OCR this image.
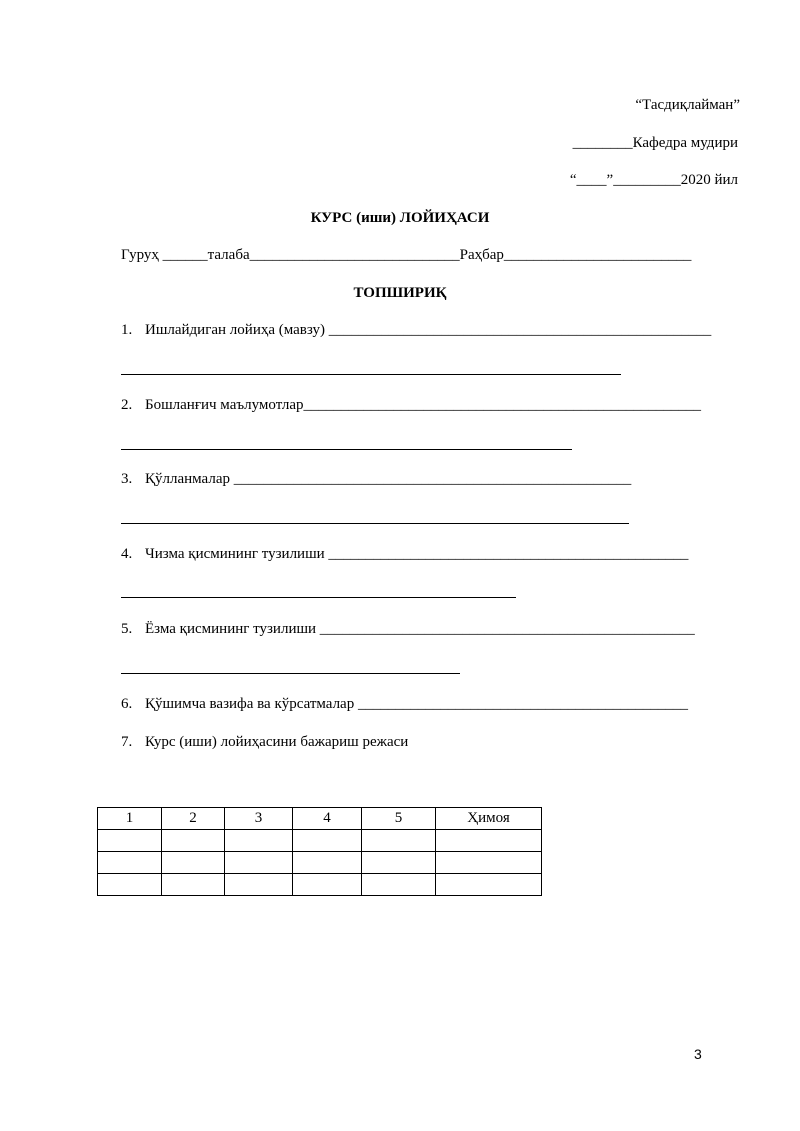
“Тасдиқлайман”
________Кафедра мудири
“____”_________2020 йил
КУРС (иши) ЛОЙИҲАСИ
Гуруҳ ______талаба____________________________Раҳбар_________________________
ТОПШИРИҚ
1. Ишлайдиган лойиҳа (мавзу) ___________________________________________________
2. Бошланғич маълумотлар_____________________________________________________
3. Қўлланмалар _____________________________________________________
4. Чизма қисмининг тузилиши ________________________________________________
5. Ёзма қисмининг тузилиши __________________________________________________
6. Қўшимча вазифа ва кўрсатмалар ____________________________________________
7. Курс (иши) лойиҳасини бажариш режаси
1	2	3	4	5	Ҳимоя

3
